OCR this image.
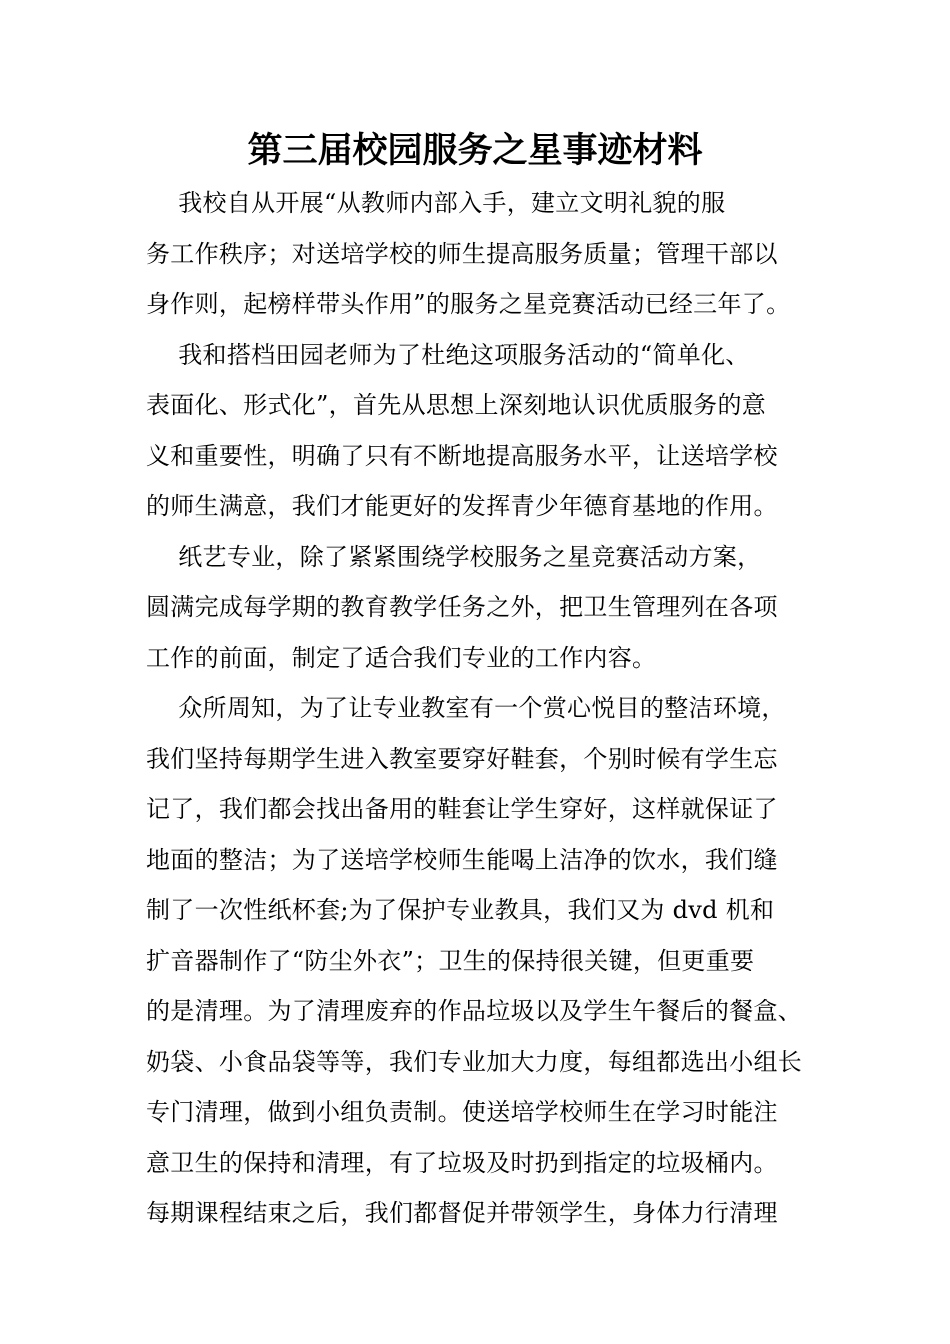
第三届校园服务之星事迹材料
　 我校自从开展“从教师内部入手，建立文明礼貌的服
务工作秩序；对送培学校的师生提高服务质量；管理干部以
身作则，起榜样带头作用”的服务之星竞赛活动已经三年了。
　 我和搭档田园老师为了杜绝这项服务活动的“简单化、
表面化、形式化”，首先从思想上深刻地认识优质服务的意
义和重要性，明确了只有不断地提高服务水平，让送培学校
的师生满意，我们才能更好的发挥青少年德育基地的作用。
　 纸艺专业，除了紧紧围绕学校服务之星竞赛活动方案，
圆满完成每学期的教育教学任务之外，把卫生管理列在各项
工作的前面，制定了适合我们专业的工作内容。
　 众所周知，为了让专业教室有一个赏心悦目的整洁环境，
我们坚持每期学生进入教室要穿好鞋套，个别时候有学生忘
记了，我们都会找出备用的鞋套让学生穿好，这样就保证了
地面的整洁；为了送培学校师生能喝上洁净的饮水，我们缝
制了一次性纸杯套;为了保护专业教具，我们又为 dvd 机和
扩音器制作了“防尘外衣”；卫生的保持很关键，但更重要
的是清理。为了清理废弃的作品垃圾以及学生午餐后的餐盒、
奶袋、小食品袋等等，我们专业加大力度，每组都选出小组长
专门清理，做到小组负责制。使送培学校师生在学习时能注
意卫生的保持和清理，有了垃圾及时扔到指定的垃圾桶内。
每期课程结束之后，我们都督促并带领学生，身体力行清理
